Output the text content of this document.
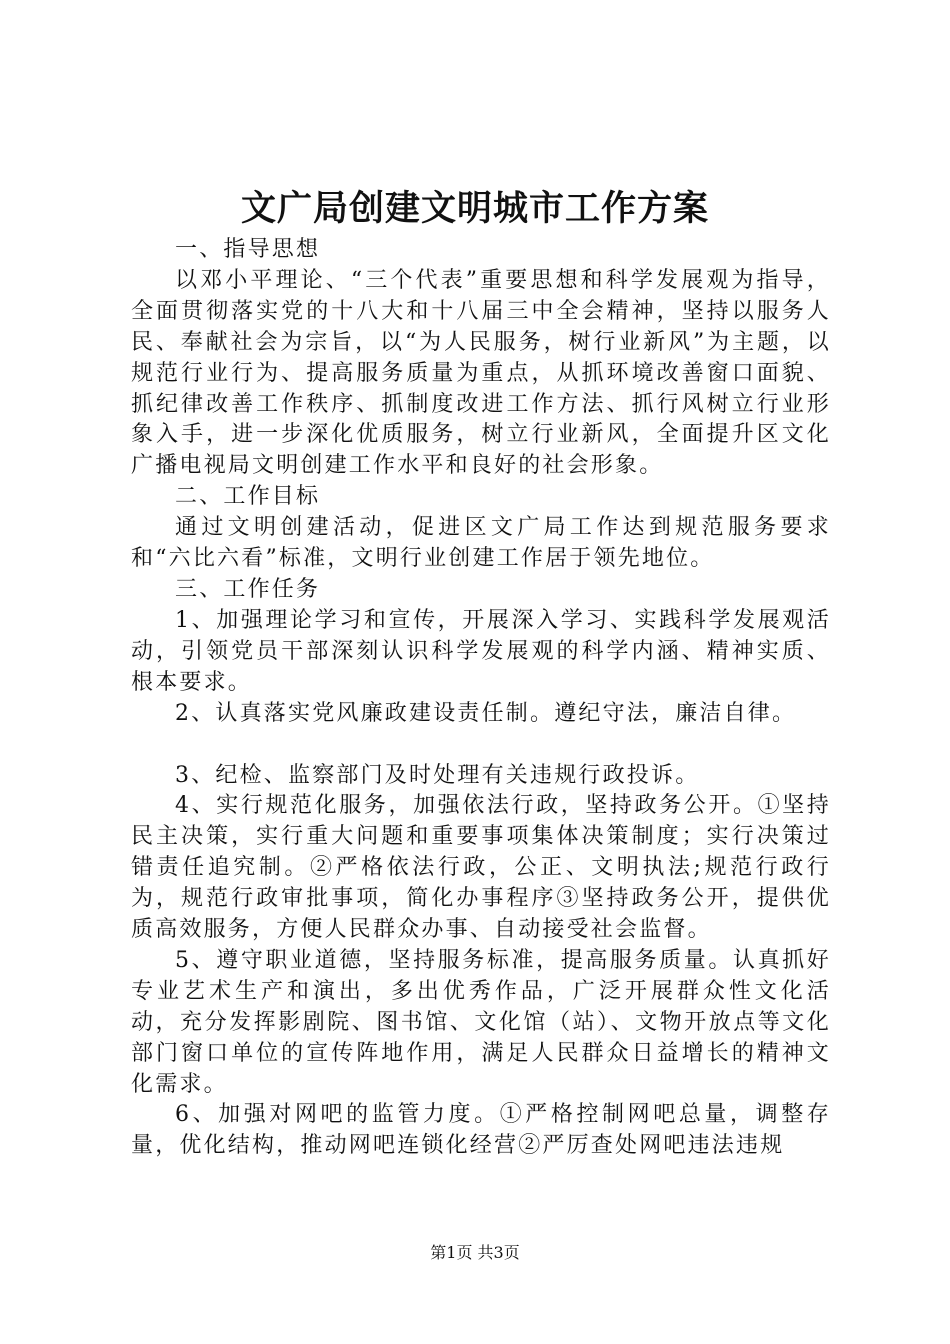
文广局创建文明城市工作方案

一、指导思想

以邓小平理论、“三个代表”重要思想和科学发展观为指导，全面贯彻落实党的十八大和十八届三中全会精神，坚持以服务人民、奉献社会为宗旨，以“为人民服务，树行业新风”为主题，以规范行业行为、提高服务质量为重点，从抓环境改善窗口面貌、抓纪律改善工作秩序、抓制度改进工作方法、抓行风树立行业形象入手，进一步深化优质服务，树立行业新风，全面提升区文化广播电视局文明创建工作水平和良好的社会形象。

二、工作目标

通过文明创建活动，促进区文广局工作达到规范服务要求和“六比六看”标准，文明行业创建工作居于领先地位。

三、工作任务

1、加强理论学习和宣传，开展深入学习、实践科学发展观活动，引领党员干部深刻认识科学发展观的科学内涵、精神实质、根本要求。

2、认真落实党风廉政建设责任制。遵纪守法，廉洁自律。

3、纪检、监察部门及时处理有关违规行政投诉。

4、实行规范化服务，加强依法行政，坚持政务公开。①坚持民主决策，实行重大问题和重要事项集体决策制度；实行决策过错责任追究制。②严格依法行政，公正、文明执法;规范行政行为，规范行政审批事项，简化办事程序③坚持政务公开，提供优质高效服务，方便人民群众办事、自动接受社会监督。

5、遵守职业道德，坚持服务标准，提高服务质量。认真抓好专业艺术生产和演出，多出优秀作品，广泛开展群众性文化活动，充分发挥影剧院、图书馆、文化馆（站）、文物开放点等文化部门窗口单位的宣传阵地作用，满足人民群众日益增长的精神文化需求。

6、加强对网吧的监管力度。①严格控制网吧总量，调整存量，优化结构，推动网吧连锁化经营②严厉查处网吧违法违规

第1页 共3页
